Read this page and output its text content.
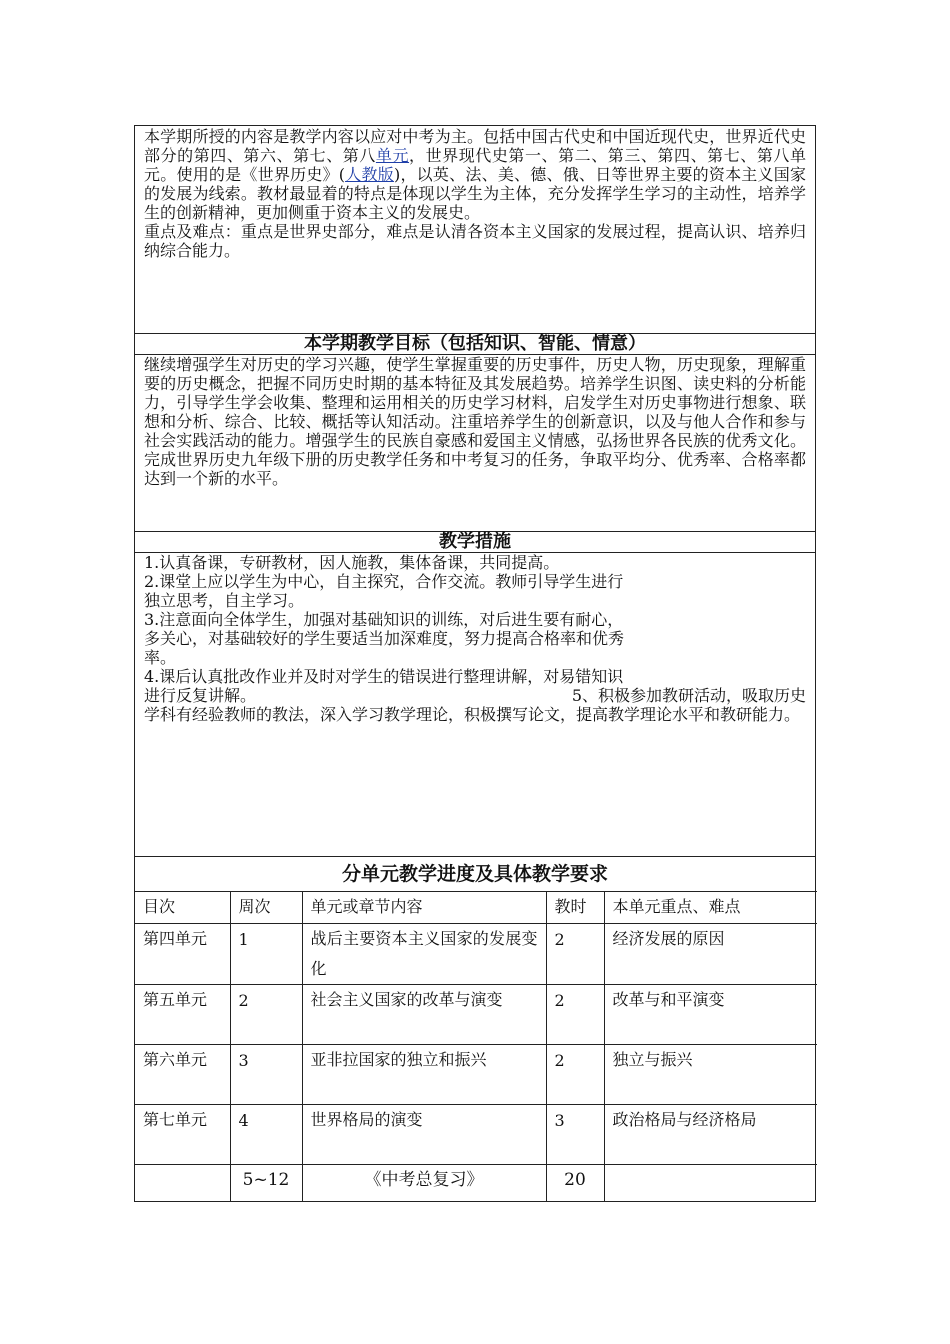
本学期所授的内容是教学内容以应对中考为主。包括中国古代史和中国近现代史，世界近代史部分的第四、第六、第七、第八单元，世界现代史第一、第二、第三、第四、第七、第八单元。使用的是《世界历史》(人教版)，以英、法、美、德、俄、日等世界主要的资本主义国家的发展为线索。教材最显着的特点是体现以学生为主体，充分发挥学生学习的主动性，培养学生的创新精神，更加侧重于资本主义的发展史。

重点及难点：重点是世界史部分，难点是认清各资本主义国家的发展过程，提高认识、培养归纳综合能力。

本学期教学目标（包括知识、智能、情意）
继续增强学生对历史的学习兴趣，使学生掌握重要的历史事件，历史人物，历史现象，理解重要的历史概念，把握不同历史时期的基本特征及其发展趋势。培养学生识图、读史料的分析能力，引导学生学会收集、整理和运用相关的历史学习材料，启发学生对历史事物进行想象、联想和分析、综合、比较、概括等认知活动。注重培养学生的创新意识，以及与他人合作和参与社会实践活动的能力。增强学生的民族自豪感和爱国主义情感，弘扬世界各民族的优秀文化。完成世界历史九年级下册的历史教学任务和中考复习的任务，争取平均分、优秀率、合格率都达到一个新的水平。
教学措施

1.认真备课，专研教材，因人施教，集体备课，共同提高。

2.课堂上应以学生为中心，自主探究，合作交流。教师引导学生进行

独立思考，自主学习。

3.注意面向全体学生，加强对基础知识的训练，对后进生要有耐心，

多关心，对基础较好的学生要适当加深难度，努力提高合格率和优秀

率。

4.课后认真批改作业并及时对学生的错误进行整理讲解，对易错知识

进行反复讲解。	5、积极参加教研活动，吸取历史

学科有经验教师的教法，深入学习教学理论，积极撰写论文，提高教学理论水平和教研能力。

分单元教学进度及具体教学要求
目次	周次	单元或章节内容	教时	本单元重点、难点
第四单元	1	战后主要资本主义国家的发展变化	2	经济发展的原因
第五单元	2	社会主义国家的改革与演变	2	改革与和平演变
第六单元	3	亚非拉国家的独立和振兴	2	独立与振兴
第七单元	4	世界格局的演变	3	政治格局与经济格局
	5~12	《中考总复习》	20	
